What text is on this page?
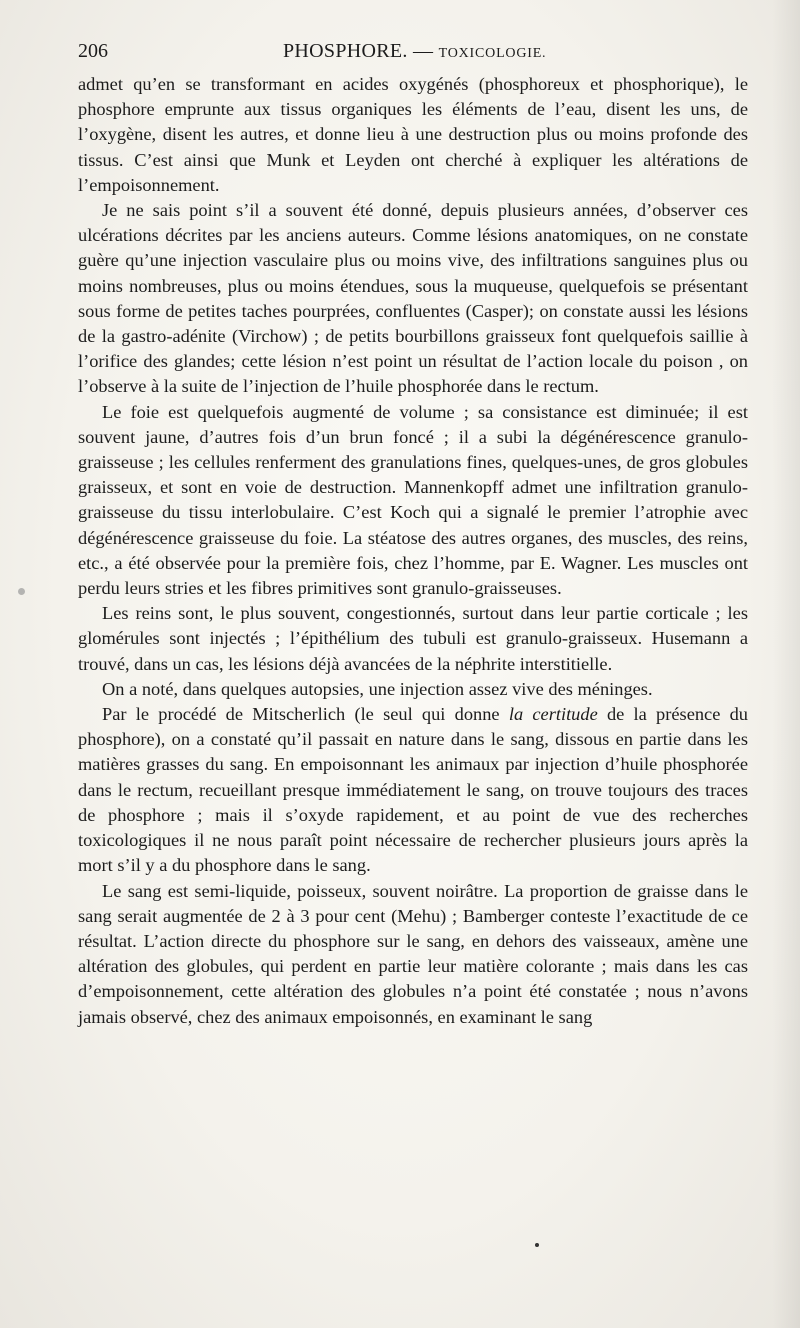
206	PHOSPHORE. — TOXICOLOGIE.

admet qu’en se transformant en acides oxygénés (phosphoreux et phosphorique), le phosphore emprunte aux tissus organiques les éléments de l’eau, disent les uns, de l’oxygène, disent les autres, et donne lieu à une destruction plus ou moins profonde des tissus. C’est ainsi que Munk et Leyden ont cherché à expliquer les altérations de l’empoisonnement.

Je ne sais point s’il a souvent été donné, depuis plusieurs années, d’observer ces ulcérations décrites par les anciens auteurs. Comme lésions anatomiques, on ne constate guère qu’une injection vasculaire plus ou moins vive, des infiltrations sanguines plus ou moins nombreuses, plus ou moins étendues, sous la muqueuse, quelquefois se présentant sous forme de petites taches pourprées, confluentes (Casper); on constate aussi les lésions de la gastro-adénite (Virchow) ; de petits bourbillons graisseux font quelquefois saillie à l’orifice des glandes; cette lésion n’est point un résultat de l’action locale du poison , on l’observe à la suite de l’injection de l’huile phosphorée dans le rectum.

Le foie est quelquefois augmenté de volume ; sa consistance est diminuée; il est souvent jaune, d’autres fois d’un brun foncé ; il a subi la dégénérescence granulo-graisseuse ; les cellules renferment des granulations fines, quelques-unes, de gros globules graisseux, et sont en voie de destruction. Mannenkopff admet une infiltration granulo-graisseuse du tissu interlobulaire. C’est Koch qui a signalé le premier l’atrophie avec dégénérescence graisseuse du foie. La stéatose des autres organes, des muscles, des reins, etc., a été observée pour la première fois, chez l’homme, par E. Wagner. Les muscles ont perdu leurs stries et les fibres primitives sont granulo-graisseuses.

Les reins sont, le plus souvent, congestionnés, surtout dans leur partie corticale ; les glomérules sont injectés ; l’épithélium des tubuli est granulo-graisseux. Husemann a trouvé, dans un cas, les lésions déjà avancées de la néphrite interstitielle.

On a noté, dans quelques autopsies, une injection assez vive des méninges.

Par le procédé de Mitscherlich (le seul qui donne la certitude de la présence du phosphore), on a constaté qu’il passait en nature dans le sang, dissous en partie dans les matières grasses du sang. En empoisonnant les animaux par injection d’huile phosphorée dans le rectum, recueillant presque immédiatement le sang, on trouve toujours des traces de phosphore ; mais il s’oxyde rapidement, et au point de vue des recherches toxicologiques il ne nous paraît point nécessaire de rechercher plusieurs jours après la mort s’il y a du phosphore dans le sang.

Le sang est semi-liquide, poisseux, souvent noirâtre. La proportion de graisse dans le sang serait augmentée de 2 à 3 pour cent (Mehu) ; Bamberger conteste l’exactitude de ce résultat. L’action directe du phosphore sur le sang, en dehors des vaisseaux, amène une altération des globules, qui perdent en partie leur matière colorante ; mais dans les cas d’empoisonnement, cette altération des globules n’a point été constatée ; nous n’avons jamais observé, chez des animaux empoisonnés, en examinant le sang
